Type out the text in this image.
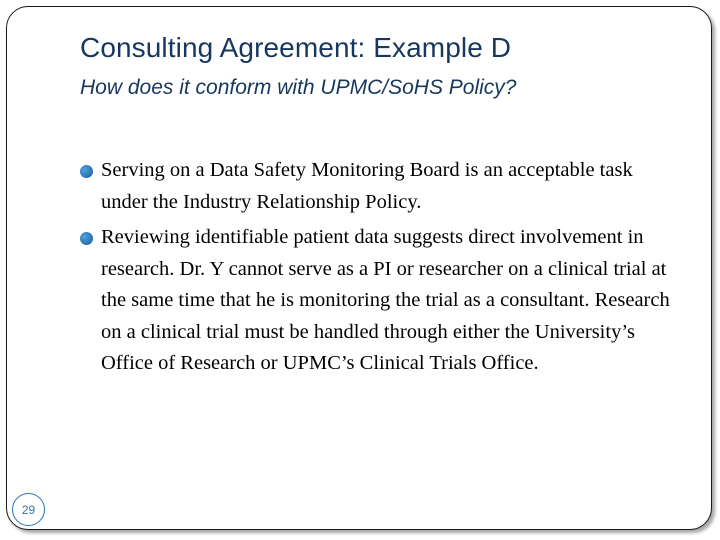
Consulting Agreement: Example D
How does it conform with UPMC/SoHS Policy?
Serving on a Data Safety Monitoring Board is an acceptable task under the Industry Relationship Policy.
Reviewing identifiable patient data suggests direct involvement in research. Dr. Y cannot serve as a PI or researcher on a clinical trial at the same time that he is monitoring the trial as a consultant. Research on a clinical trial must be handled through either the University’s Office of Research or UPMC’s Clinical Trials Office.
29
